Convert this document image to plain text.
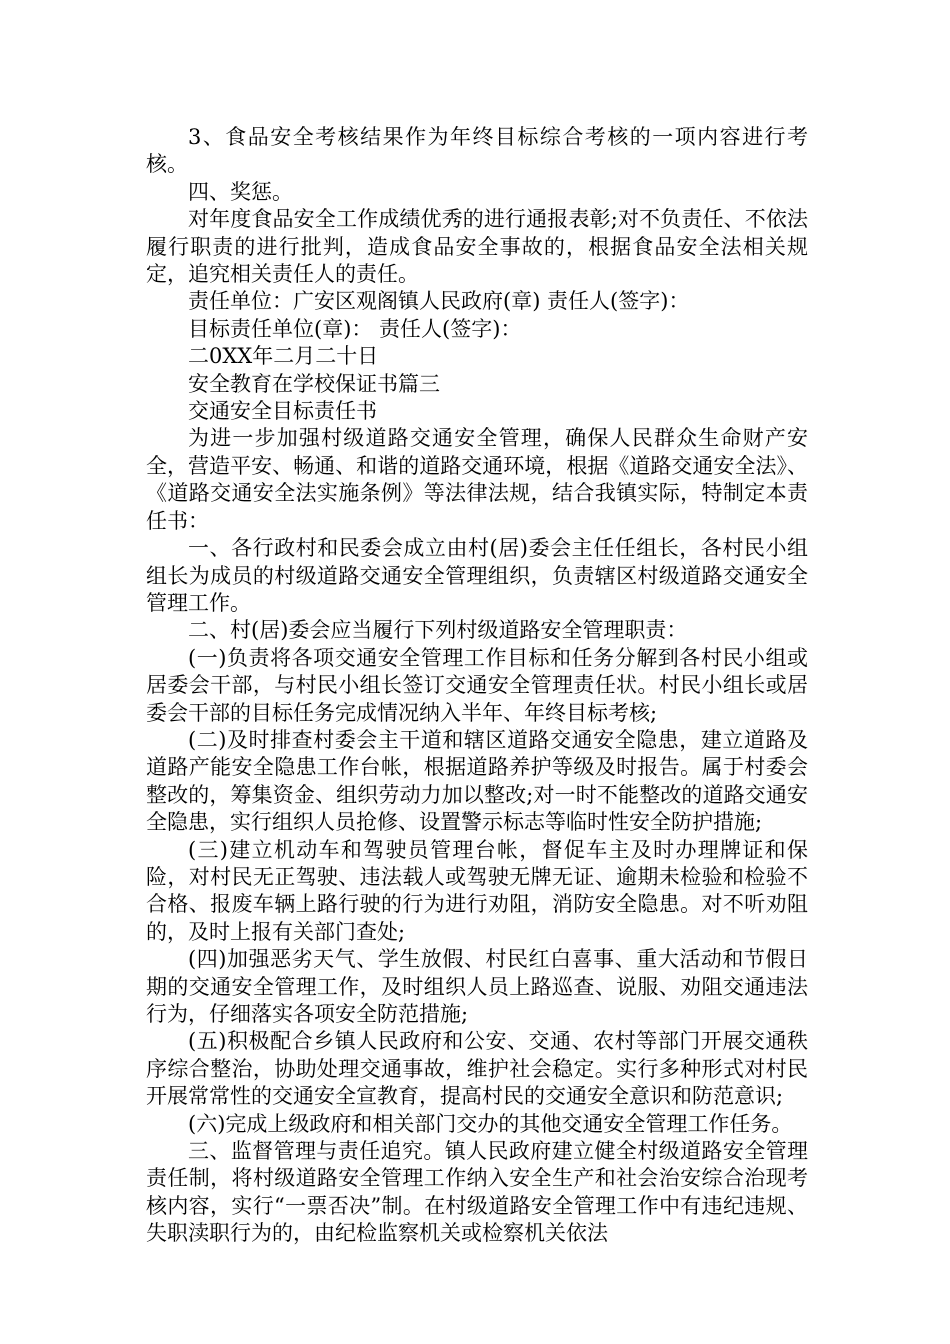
3、食品安全考核结果作为年终目标综合考核的一项内容进行考核。

四、奖惩。

对年度食品安全工作成绩优秀的进行通报表彰;对不负责任、不依法履行职责的进行批判，造成食品安全事故的，根据食品安全法相关规定，追究相关责任人的责任。

责任单位：广安区观阁镇人民政府(章) 责任人(签字)：

目标责任单位(章)： 责任人(签字)：

二0XX年二月二十日

安全教育在学校保证书篇三

交通安全目标责任书

为进一步加强村级道路交通安全管理，确保人民群众生命财产安全，营造平安、畅通、和谐的道路交通环境，根据《道路交通安全法》、《道路交通安全法实施条例》等法律法规，结合我镇实际，特制定本责任书：

一、各行政村和民委会成立由村(居)委会主任任组长，各村民小组组长为成员的村级道路交通安全管理组织，负责辖区村级道路交通安全管理工作。

二、村(居)委会应当履行下列村级道路安全管理职责：

(一)负责将各项交通安全管理工作目标和任务分解到各村民小组或居委会干部，与村民小组长签订交通安全管理责任状。村民小组长或居委会干部的目标任务完成情况纳入半年、年终目标考核;

(二)及时排查村委会主干道和辖区道路交通安全隐患，建立道路及道路产能安全隐患工作台帐，根据道路养护等级及时报告。属于村委会整改的，筹集资金、组织劳动力加以整改;对一时不能整改的道路交通安全隐患，实行组织人员抢修、设置警示标志等临时性安全防护措施;

(三)建立机动车和驾驶员管理台帐，督促车主及时办理牌证和保险，对村民无正驾驶、违法载人或驾驶无牌无证、逾期未检验和检验不合格、报废车辆上路行驶的行为进行劝阻，消防安全隐患。对不听劝阻的，及时上报有关部门查处;

(四)加强恶劣天气、学生放假、村民红白喜事、重大活动和节假日期的交通安全管理工作，及时组织人员上路巡查、说服、劝阻交通违法行为，仔细落实各项安全防范措施;

(五)积极配合乡镇人民政府和公安、交通、农村等部门开展交通秩序综合整治，协助处理交通事故，维护社会稳定。实行多种形式对村民开展常常性的交通安全宣教育，提高村民的交通安全意识和防范意识;

(六)完成上级政府和相关部门交办的其他交通安全管理工作任务。

三、监督管理与责任追究。镇人民政府建立健全村级道路安全管理责任制，将村级道路安全管理工作纳入安全生产和社会治安综合治现考核内容，实行“一票否决”制。在村级道路安全管理工作中有违纪违规、失职渎职行为的，由纪检监察机关或检察机关依法
